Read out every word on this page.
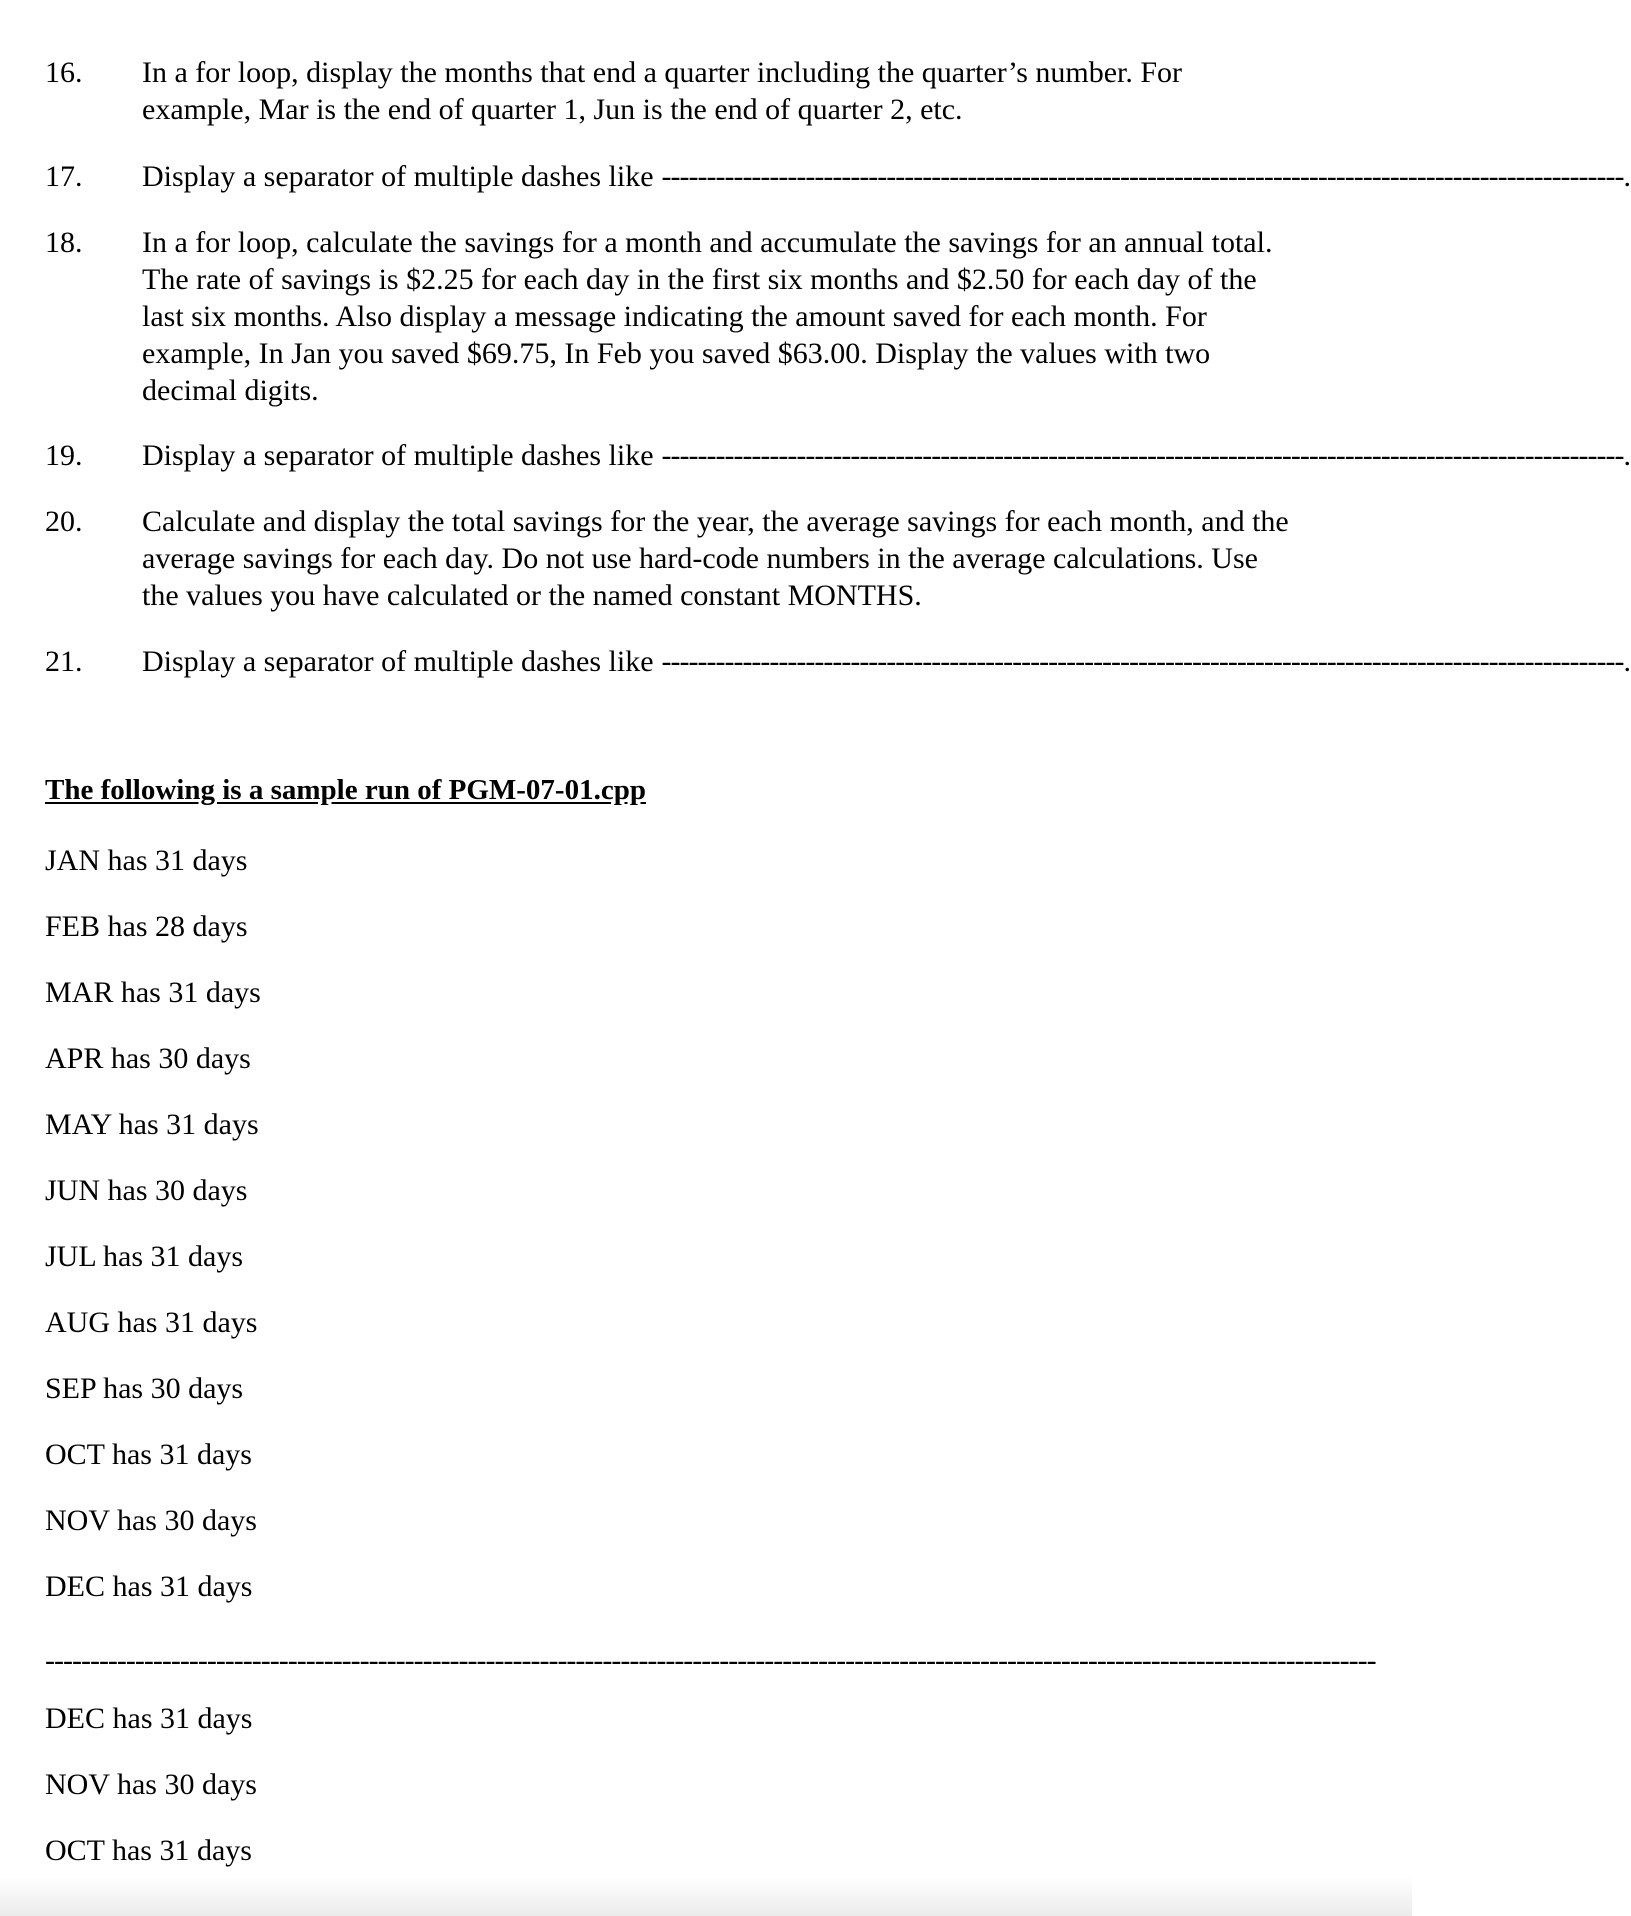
16.	In a for loop, display the months that end a quarter including the quarter’s number. For
example, Mar is the end of quarter 1, Jun is the end of quarter 2, etc.
17.	Display a separator of multiple dashes like ----------------------------------------------------------------------------------------------------------- .
18.	In a for loop, calculate the savings for a month and accumulate the savings for an annual total.
The rate of savings is $2.25 for each day in the first six months and $2.50 for each day of the
last six months. Also display a message indicating the amount saved for each month. For
example, In Jan you saved $69.75, In Feb you saved $63.00. Display the values with two
decimal digits.
19.	Display a separator of multiple dashes like ----------------------------------------------------------------------------------------------------------- .
20.	Calculate and display the total savings for the year, the average savings for each month, and the
average savings for each day. Do not use hard-code numbers in the average calculations. Use
the values you have calculated or the named constant MONTHS.
21.	Display a separator of multiple dashes like ----------------------------------------------------------------------------------------------------------- .
The following is a sample run of PGM-07-01.cpp
JAN has 31 days
FEB has 28 days
MAR has 31 days
APR has 30 days
MAY has 31 days
JUN has 30 days
JUL has 31 days
AUG has 31 days
SEP has 30 days
OCT has 31 days
NOV has 30 days
DEC has 31 days
----------------------------------------------------------------------------------------------------------------------------------------------------
DEC has 31 days
NOV has 30 days
OCT has 31 days
